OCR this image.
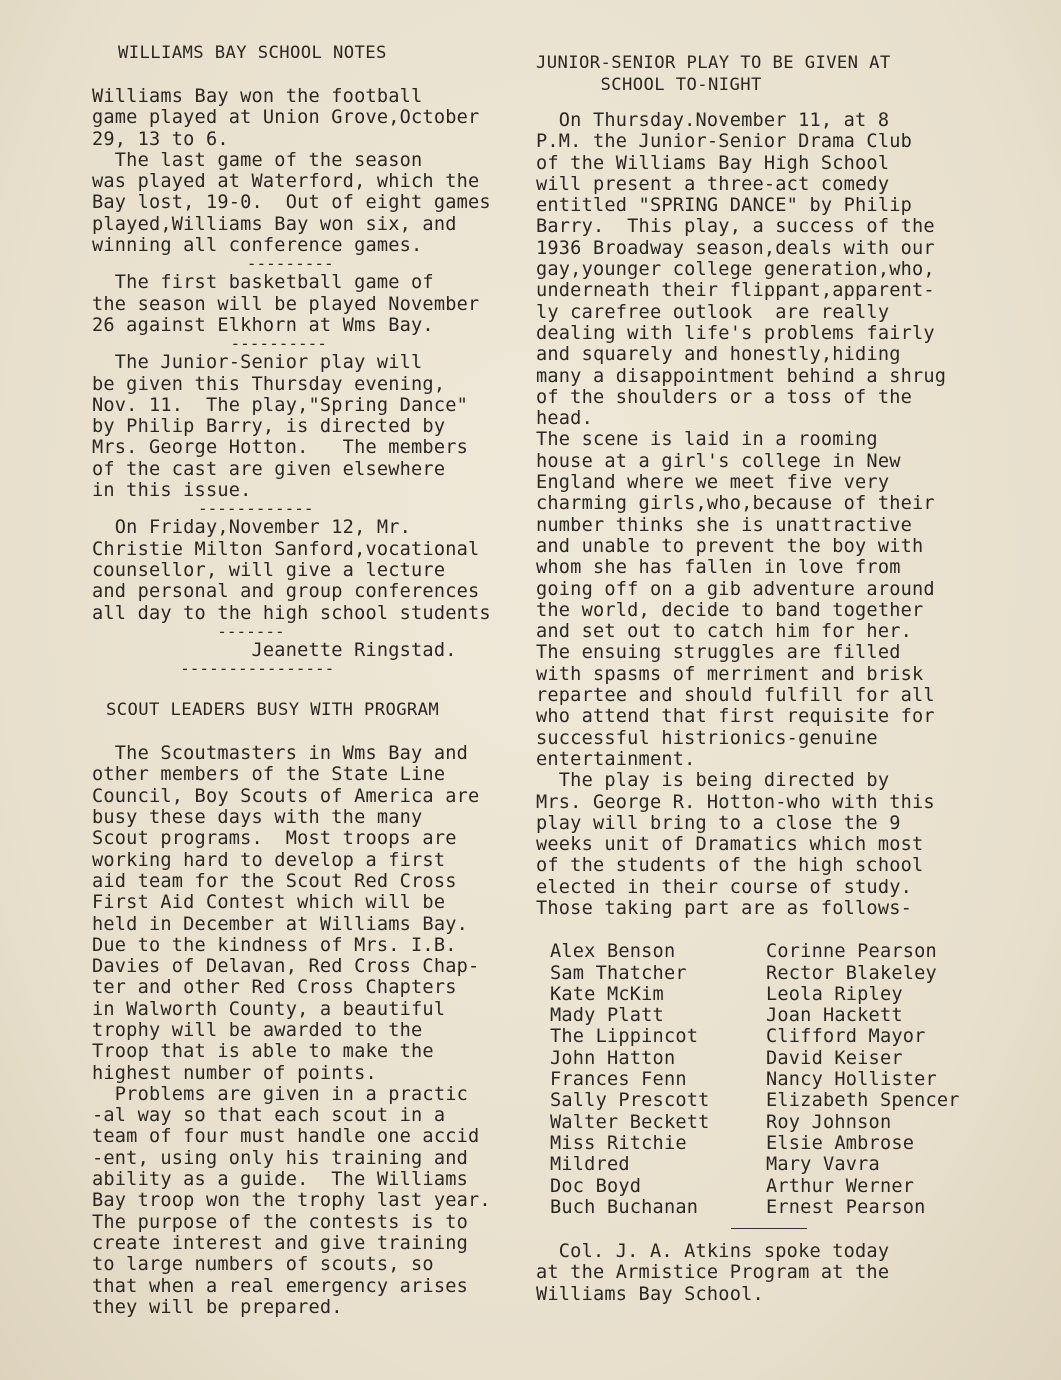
WILLIAMS BAY SCHOOL NOTES
Williams Bay won the football
game played at Union Grove,October
29, 13 to 6.
The last game of the season
was played at Waterford, which the
Bay lost, 19-0.  Out of eight games
played,Williams Bay won six, and
winning all conference games.
---------
The first basketball game of
the season will be played November
26 against Elkhorn at Wms Bay.
----------
The Junior-Senior play will
be given this Thursday evening,
Nov. 11.  The play,"Spring Dance"
by Philip Barry, is directed by
Mrs. George Hotton.   The members
of the cast are given elsewhere
in this issue.
------------
On Friday,November 12, Mr.
Christie Milton Sanford,vocational
counsellor, will give a lecture
and personal and group conferences
all day to the high school students
-------
Jeanette Ringstad.
----------------
SCOUT LEADERS BUSY WITH PROGRAM
The Scoutmasters in Wms Bay and
other members of the State Line
Council, Boy Scouts of America are
busy these days with the many
Scout programs.  Most troops are
working hard to develop a first
aid team for the Scout Red Cross
First Aid Contest which will be
held in December at Williams Bay.
Due to the kindness of Mrs. I.B.
Davies of Delavan, Red Cross Chap-
ter and other Red Cross Chapters
in Walworth County, a beautiful
trophy will be awarded to the
Troop that is able to make the
highest number of points.
Problems are given in a practic
-al way so that each scout in a
team of four must handle one accid
-ent, using only his training and
ability as a guide.  The Williams
Bay troop won the trophy last year.
The purpose of the contests is to
create interest and give training
to large numbers of scouts, so
that when a real emergency arises
they will be prepared.
JUNIOR-SENIOR PLAY TO BE GIVEN AT
SCHOOL TO-NIGHT
On Thursday.November 11, at 8
P.M. the Junior-Senior Drama Club
of the Williams Bay High School
will present a three-act comedy
entitled "SPRING DANCE" by Philip
Barry.  This play, a success of the
1936 Broadway season,deals with our
gay,younger college generation,who,
underneath their flippant,apparent-
ly carefree outlook  are really
dealing with life's problems fairly
and squarely and honestly,hiding
many a disappointment behind a shrug
of the shoulders or a toss of the
head.
The scene is laid in a rooming
house at a girl's college in New
England where we meet five very
charming girls,who,because of their
number thinks she is unattractive
and unable to prevent the boy with
whom she has fallen in love from
going off on a gib adventure around
the world, decide to band together
and set out to catch him for her.
The ensuing struggles are filled
with spasms of merriment and brisk
repartee and should fulfill for all
who attend that first requisite for
successful histrionics-genuine
entertainment.
The play is being directed by
Mrs. George R. Hotton-who with this
play will bring to a close the 9
weeks unit of Dramatics which most
of the students of the high school
elected in their course of study.
Those taking part are as follows-
Alex Benson	Corinne Pearson
Sam Thatcher	Rector Blakeley
Kate McKim	Leola Ripley
Mady Platt	Joan Hackett
The Lippincot	Clifford Mayor
John Hatton	David Keiser
Frances Fenn	Nancy Hollister
Sally Prescott	Elizabeth Spencer
Walter Beckett	Roy Johnson
Miss Ritchie	Elsie Ambrose
Mildred	Mary Vavra
Doc Boyd	Arthur Werner
Buch Buchanan	Ernest Pearson
Col. J. A. Atkins spoke today
at the Armistice Program at the
Williams Bay School.
